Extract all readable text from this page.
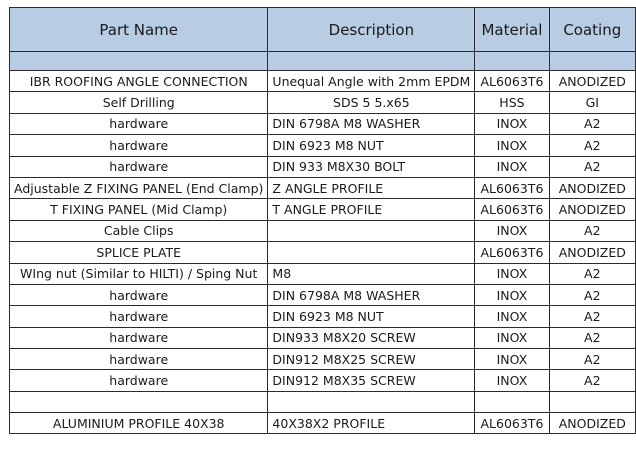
Part Name	Description	Material	Coating

IBR ROOFING ANGLE CONNECTION	Unequal Angle with 2mm EPDM	AL6063T6	ANODIZED
Self Drilling	SDS 5 5.x65	HSS	GI
hardware	DIN 6798A M8 WASHER	INOX	A2
hardware	DIN 6923 M8 NUT	INOX	A2
hardware	DIN 933 M8X30 BOLT	INOX	A2
Adjustable Z FIXING PANEL (End Clamp)	Z ANGLE PROFILE	AL6063T6	ANODIZED
T FIXING PANEL (Mid Clamp)	T ANGLE PROFILE	AL6063T6	ANODIZED
Cable Clips		INOX	A2
SPLICE PLATE		AL6063T6	ANODIZED
WIng nut (Similar to HILTI) / Sping Nut	M8	INOX	A2
hardware	DIN 6798A M8 WASHER	INOX	A2
hardware	DIN 6923 M8 NUT	INOX	A2
hardware	DIN933 M8X20 SCREW	INOX	A2
hardware	DIN912 M8X25 SCREW	INOX	A2
hardware	DIN912 M8X35 SCREW	INOX	A2

ALUMINIUM PROFILE 40X38	40X38X2 PROFILE	AL6063T6	ANODIZED
